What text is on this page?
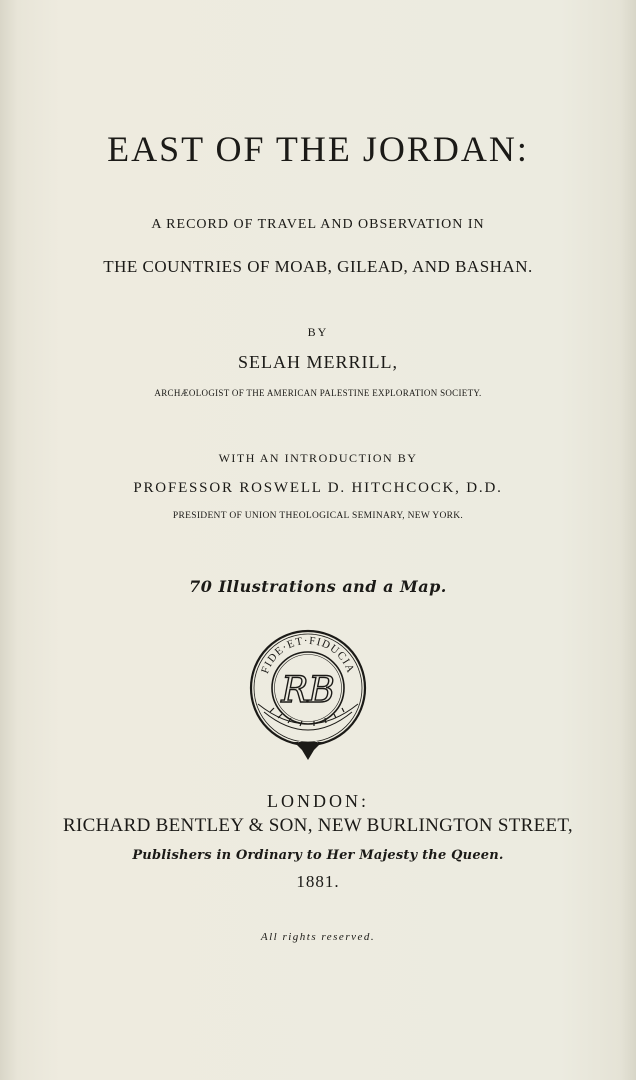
EAST OF THE JORDAN:
A RECORD OF TRAVEL AND OBSERVATION IN
THE COUNTRIES OF MOAB, GILEAD, AND BASHAN.
BY
SELAH MERRILL,
ARCHÆOLOGIST OF THE AMERICAN PALESTINE EXPLORATION SOCIETY.
WITH AN INTRODUCTION BY
PROFESSOR ROSWELL D. HITCHCOCK, D.D.
PRESIDENT OF UNION THEOLOGICAL SEMINARY, NEW YORK.
70 Illustrations and a Map.
FIDE·ET·FIDUCIA
RB
LONDON:
RICHARD BENTLEY & SON, NEW BURLINGTON STREET,
Publishers in Ordinary to Her Majesty the Queen.
1881.
All rights reserved.
